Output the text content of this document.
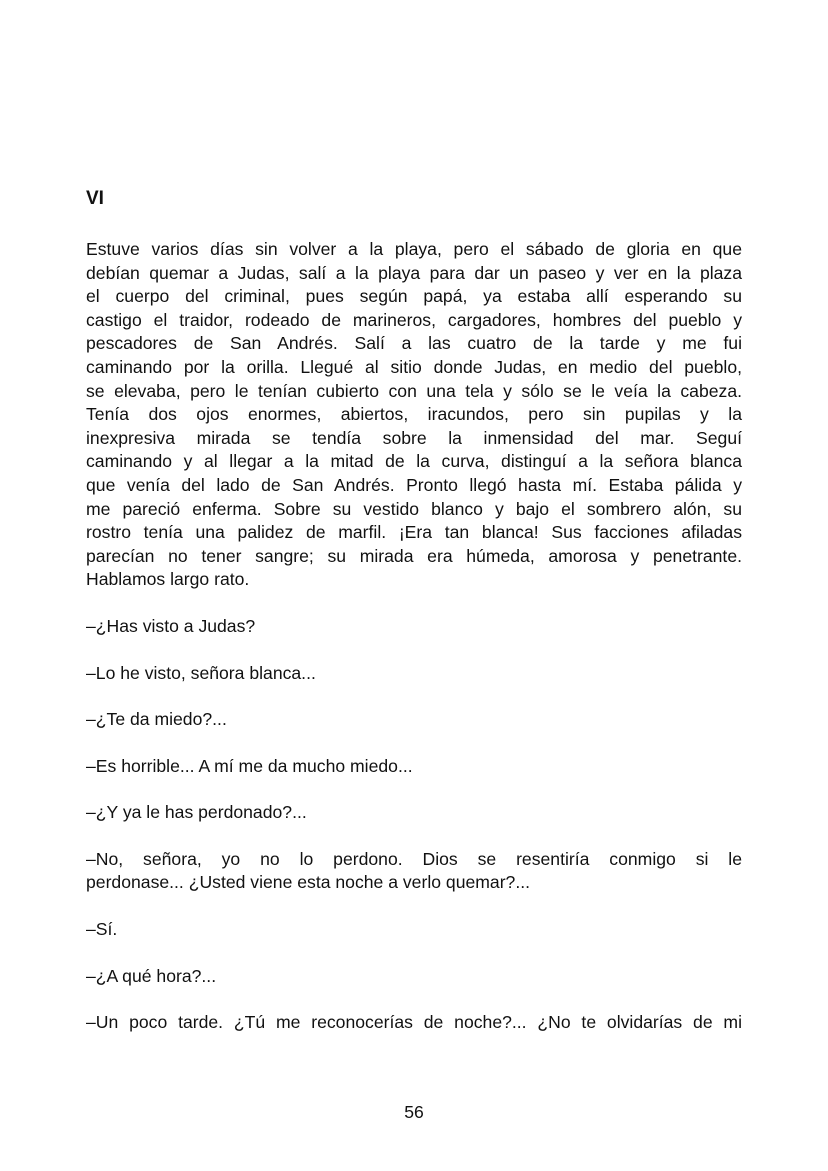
VI

Estuve varios días sin volver a la playa, pero el sábado de gloria en que
debían quemar a Judas, salí a la playa para dar un paseo y ver en la plaza
el cuerpo del criminal, pues según papá, ya estaba allí esperando su
castigo el traidor, rodeado de marineros, cargadores, hombres del pueblo y
pescadores de San Andrés. Salí a las cuatro de la tarde y me fui
caminando por la orilla. Llegué al sitio donde Judas, en medio del pueblo,
se elevaba, pero le tenían cubierto con una tela y sólo se le veía la cabeza.
Tenía dos ojos enormes, abiertos, iracundos, pero sin pupilas y la
inexpresiva mirada se tendía sobre la inmensidad del mar. Seguí
caminando y al llegar a la mitad de la curva, distinguí a la señora blanca
que venía del lado de San Andrés. Pronto llegó hasta mí. Estaba pálida y
me pareció enferma. Sobre su vestido blanco y bajo el sombrero alón, su
rostro tenía una palidez de marfil. ¡Era tan blanca! Sus facciones afiladas
parecían no tener sangre; su mirada era húmeda, amorosa y penetrante.
Hablamos largo rato.

–¿Has visto a Judas?

–Lo he visto, señora blanca...

–¿Te da miedo?...

–Es horrible... A mí me da mucho miedo...

–¿Y ya le has perdonado?...

–No, señora, yo no lo perdono. Dios se resentiría conmigo si le
perdonase... ¿Usted viene esta noche a verlo quemar?...

–Sí.

–¿A qué hora?...

–Un poco tarde. ¿Tú me reconocerías de noche?... ¿No te olvidarías de mi

56
